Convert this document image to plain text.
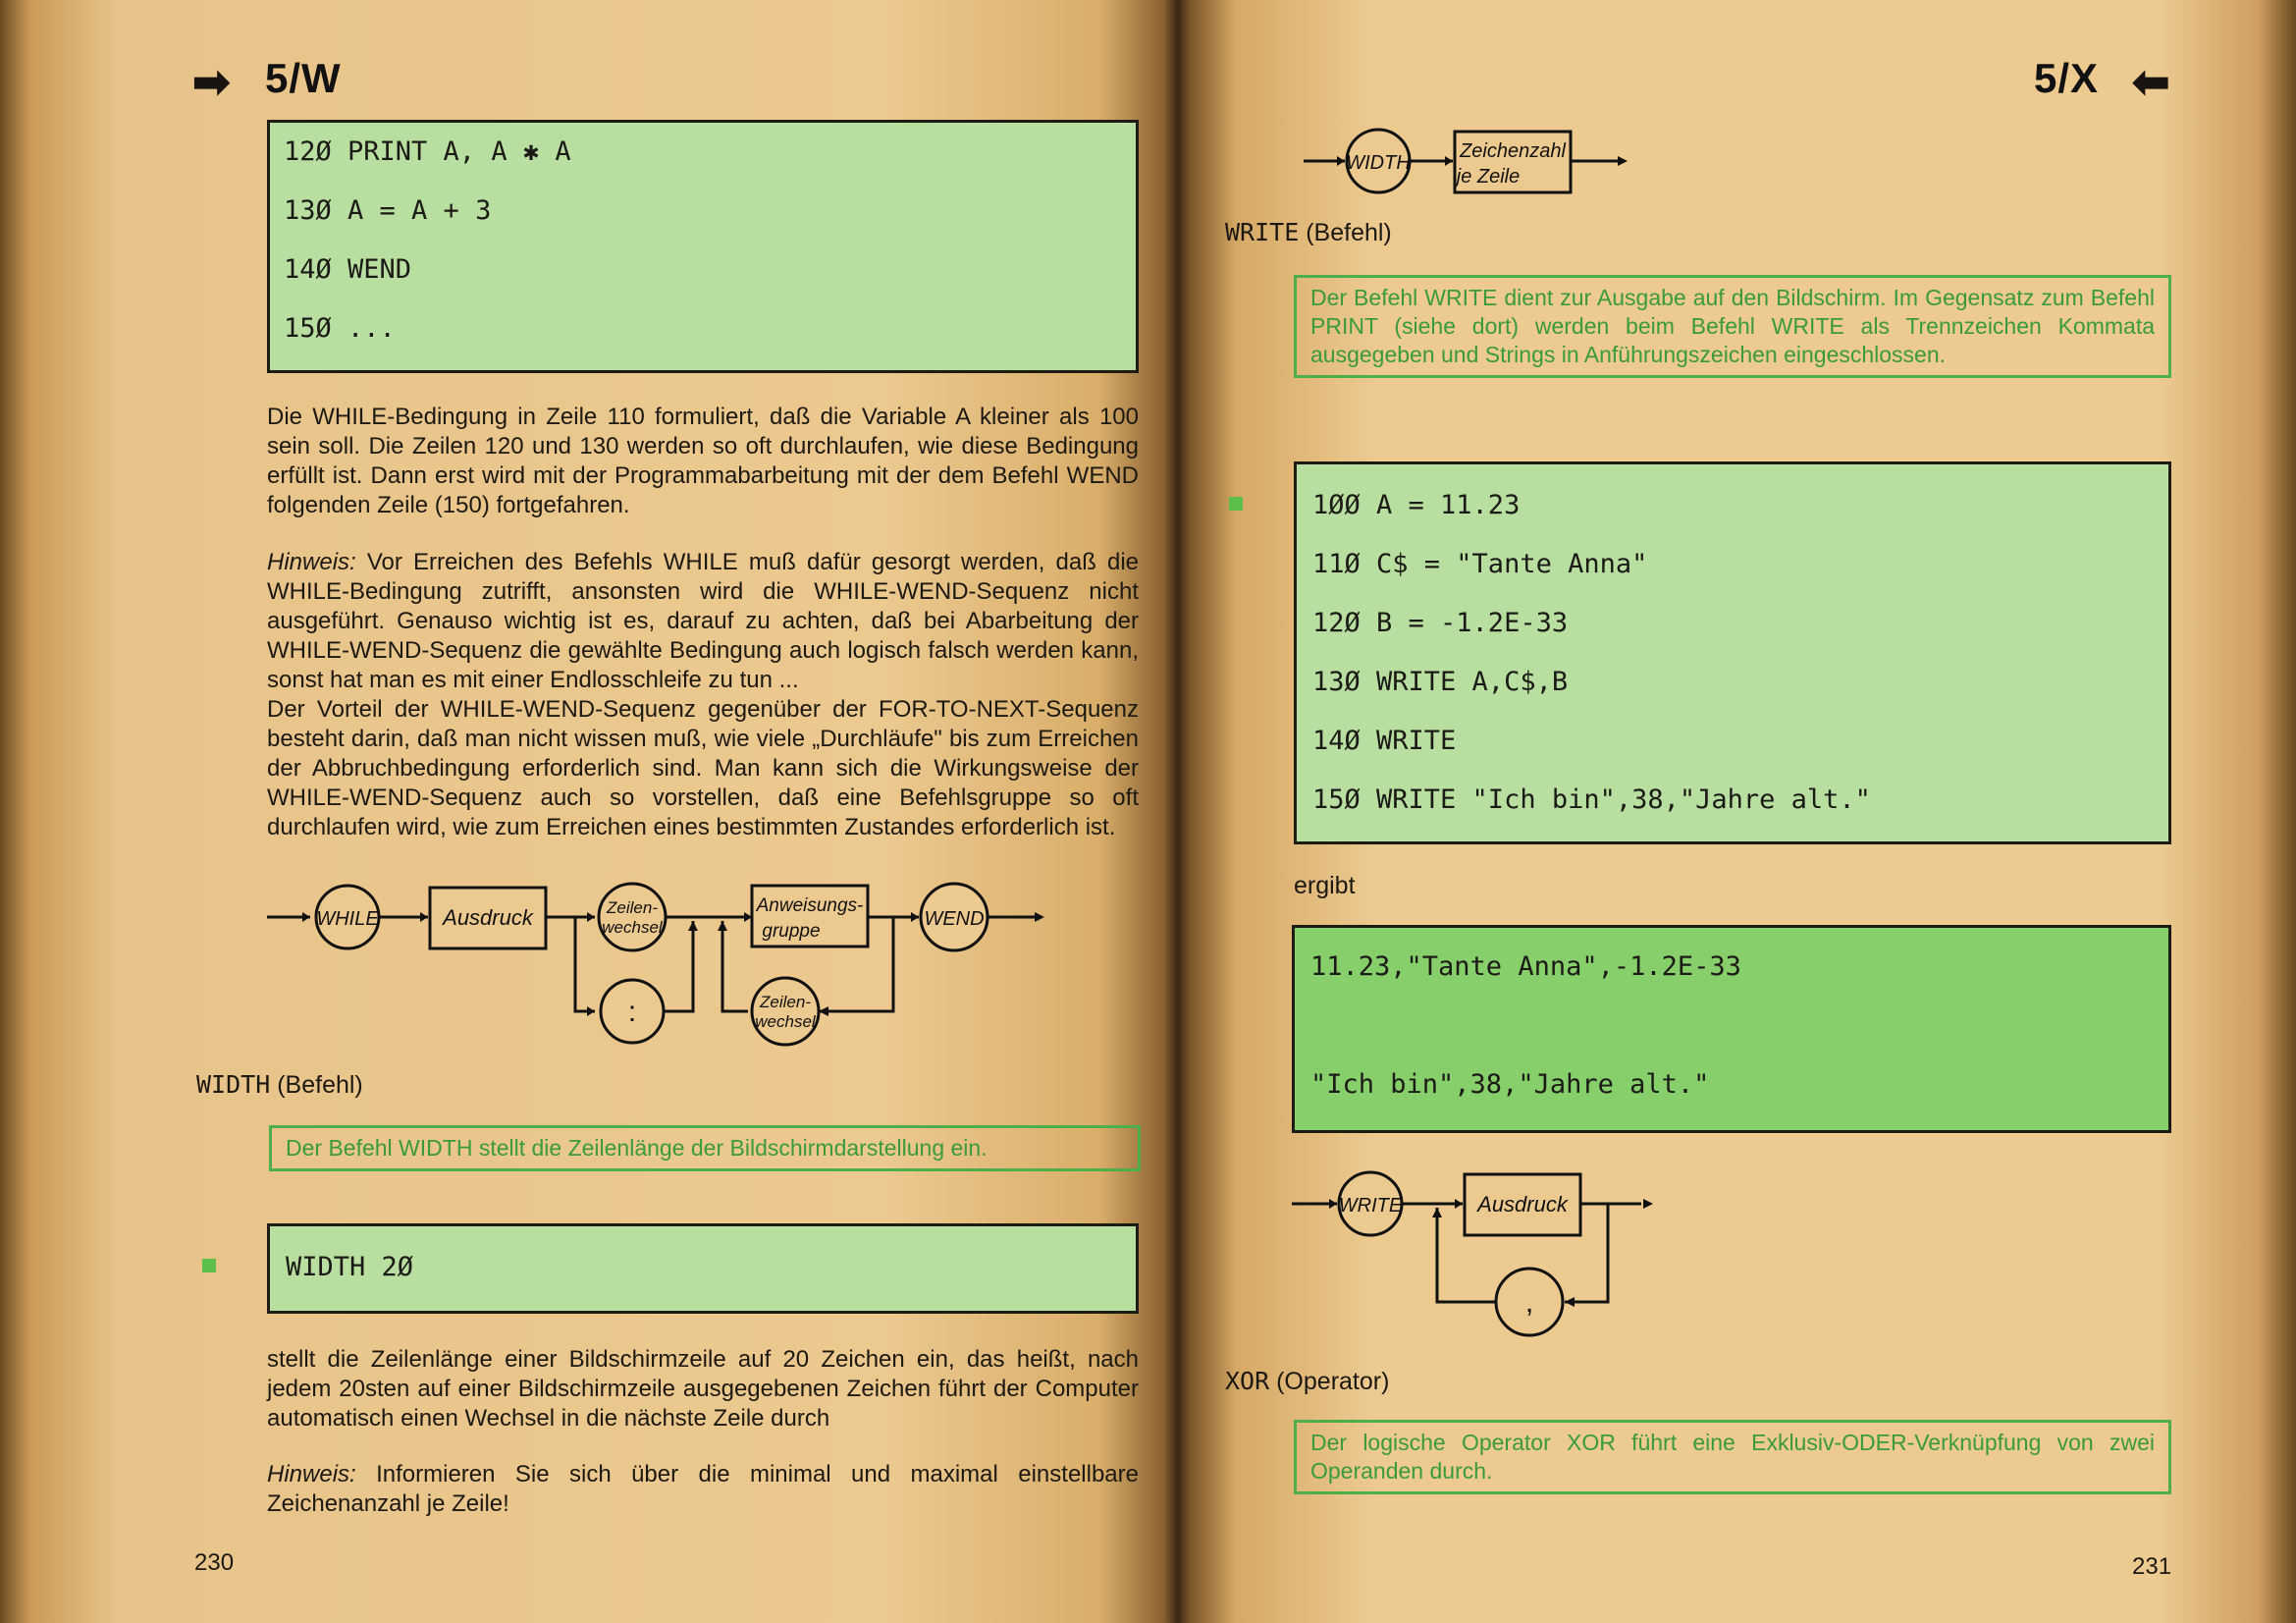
➡ 5/W
12Ø PRINT A, A ✱ A
13Ø A = A + 3
14Ø WEND
15Ø ...

Die WHILE-Bedingung in Zeile 110 formuliert, daß die Variable A kleiner als 100 sein soll. Die Zeilen 120 und 130 werden so oft durchlaufen, wie diese Bedingung erfüllt ist. Dann erst wird mit der Programmabarbeitung mit der dem Befehl WEND folgenden Zeile (150) fortgefahren.

Hinweis: Vor Erreichen des Befehls WHILE muß dafür gesorgt werden, daß die WHILE-Bedingung zutrifft, ansonsten wird die WHILE-WEND-Sequenz nicht ausgeführt. Genauso wichtig ist es, darauf zu achten, daß bei Abarbeitung der WHILE-WEND-Sequenz die gewählte Bedingung auch logisch falsch werden kann, sonst hat man es mit einer Endlosschleife zu tun ...

Der Vorteil der WHILE-WEND-Sequenz gegenüber der FOR-TO-NEXT-Sequenz besteht darin, daß man nicht wissen muß, wie viele „Durchläufe" bis zum Erreichen der Abbruchbedingung erforderlich sind. Man kann sich die Wirkungsweise der WHILE-WEND-Sequenz auch so vorstellen, daß eine Befehlsgruppe so oft durchlaufen wird, wie zum Erreichen eines bestimmten Zustandes erforderlich ist.

WHILE	Ausdruck	Zeilen-
wechsel
Anweisungs-
gruppe
WEND
:	Zeilen-
wechsel
WIDTH (Befehl)
Der Befehl WIDTH stellt die Zeilenlänge der Bildschirmdarstellung ein.
WIDTH 2Ø

stellt die Zeilenlänge einer Bildschirmzeile auf 20 Zeichen ein, das heißt, nach jedem 20sten auf einer Bildschirmzeile ausgegebenen Zeichen führt der Computer automatisch einen Wechsel in die nächste Zeile durch

Hinweis: Informieren Sie sich über die minimal und maximal einstellbare Zeichenanzahl je Zeile!

230
5/X ⬅
WIDTH
Zeichenzahl
je Zeile
WRITE (Befehl)
Der Befehl WRITE dient zur Ausgabe auf den Bildschirm. Im Gegensatz zum Befehl PRINT (siehe dort) werden beim Befehl WRITE als Trennzeichen Kommata ausgegeben und Strings in Anführungszeichen eingeschlossen.
1ØØ A = 11.23
11Ø C$ = "Tante Anna"
12Ø B = -1.2E-33
13Ø WRITE A,C$,B
14Ø WRITE
15Ø WRITE "Ich bin",38,"Jahre alt."
ergibt
11.23,"Tante Anna",-1.2E-33
"Ich bin",38,"Jahre alt."
WRITE	Ausdruck
,
XOR (Operator)
Der logische Operator XOR führt eine Exklusiv-ODER-Verknüpfung von zwei Operanden durch.
231
